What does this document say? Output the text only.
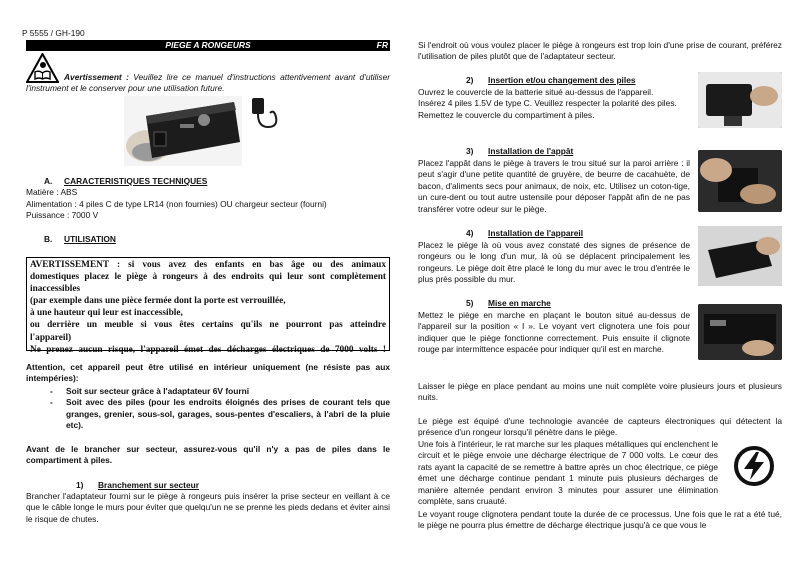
P 5555 / GH-190
PIEGE A RONGEURS	FR
Avertissement : Veuillez lire ce manuel d'instructions attentivement avant d'utiliser l'instrument et le conserver pour une utilisation future.
A. CARACTERISTIQUES TECHNIQUES
Matière : ABS
Alimentation : 4 piles C de type LR14 (non fournies) OU chargeur secteur (fourni)
Puissance : 7000 V
B. UTILISATION
AVERTISSEMENT : si vous avez des enfants en bas âge ou des animaux
domestiques placez le piège à rongeurs à des endroits qui leur sont complètement
inaccessibles
(par exemple dans une pièce fermée dont la porte est verrouillée,
à une hauteur qui leur est inaccessible,
ou derrière un meuble si vous êtes certains qu'ils ne pourront pas atteindre
l'appareil)
Ne prenez aucun risque, l'appareil émet des décharges électriques de 7000 volts !
Attention, cet appareil peut être utilisé en intérieur uniquement (ne résiste pas aux intempéries):
- Soit sur secteur grâce à l'adaptateur 6V fourni
- Soit avec des piles (pour les endroits éloignés des prises de courant tels que granges, grenier, sous-sol, garages, sous-pentes d'escaliers, à l'abri de la pluie etc).
Avant de le brancher sur secteur, assurez-vous qu'il n'y a pas de piles dans le compartiment à piles.
1) Branchement sur secteur
Brancher l'adaptateur fourni sur le piège à rongeurs puis insérer la prise secteur en veillant à ce que le câble longe le murs pour éviter que quelqu'un ne se prenne les pieds dedans et éviter ainsi le risque de chutes.
Si l'endroit où vous voulez placer le piège à rongeurs est trop loin d'une prise de courant, préférez l'utilisation de piles plutôt que de l'adaptateur secteur.
2) Insertion et/ou changement des piles
Ouvrez le couvercle de la batterie situé au-dessus de l'appareil.
Insérez 4 piles 1.5V de type C. Veuillez respecter la polarité des piles.
Remettez le couvercle du compartiment à piles.
3) Installation de l'appât
Placez l'appât dans le piège à travers le trou situé sur la paroi arrière : il peut s'agir d'une petite quantité de gruyère, de beurre de cacahuète, de bacon, d'aliments secs pour animaux, de noix, etc. Utilisez un coton-tige, un cure-dent ou tout autre ustensile pour déposer l'appât afin de ne pas transférer votre odeur sur le piège.
4) Installation de l'appareil
Placez le piège là où vous avez constaté des signes de présence de rongeurs ou le long d'un mur, là où se déplacent principalement les rongeurs. Le piège doit être placé le long du mur avec le trou d'entrée le plus près possible du mur.
5) Mise en marche
Mettez le piège en marche en plaçant le bouton situé au-dessus de l'appareil sur la position « I ». Le voyant vert clignotera une fois pour indiquer que le piège fonctionne correctement. Puis ensuite il clignote rouge par intermittence espacée pour indiquer qu'il est en marche.
Laisser le piège en place pendant au moins une nuit complète voire plusieurs jours et plusieurs nuits.
Le piège est équipé d'une technologie avancée de capteurs électroniques qui détectent la présence d'un rongeur lorsqu'il pénètre dans le piège.
Une fois à l'intérieur, le rat marche sur les plaques métalliques qui enclenchent le circuit et le piège envoie une décharge électrique de 7 000 volts. Le cœur des rats ayant la capacité de se remettre à battre après un choc électrique, ce piège émet une décharge continue pendant 1 minute puis plusieurs décharges de manière alternée pendant environ 3 minutes pour assurer une élimination complète, sans cruauté.
Le voyant rouge clignotera pendant toute la durée de ce processus. Une fois que le rat a été tué, le piège ne pourra plus émettre de décharge électrique jusqu'à ce que vous le
